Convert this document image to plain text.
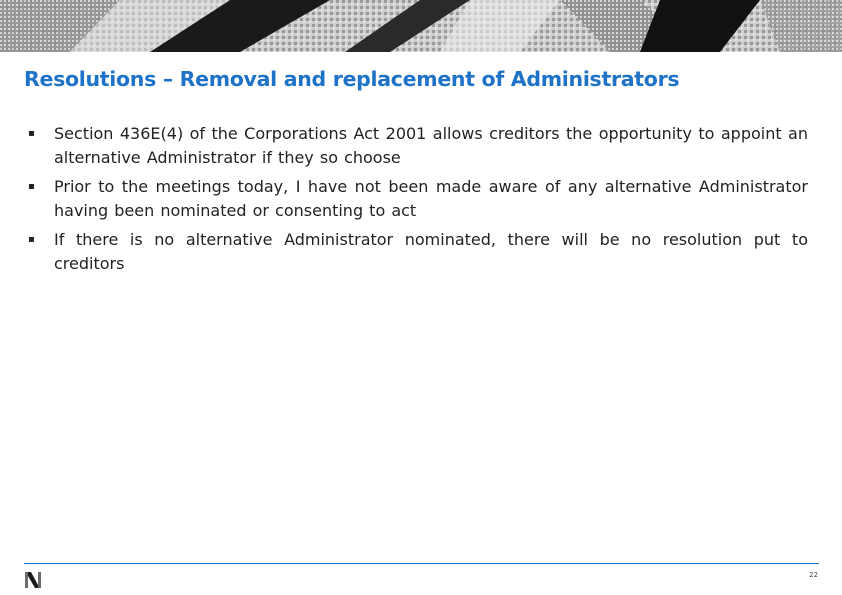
Resolutions – Removal and replacement of Administrators
▪ Section 436E(4) of the Corporations Act 2001 allows creditors the opportunity to appoint an alternative Administrator if they so choose
▪ Prior to the meetings today, I have not been made aware of any alternative Administrator having been nominated or consenting to act
▪ If there is no alternative Administrator nominated, there will be no resolution put to creditors
22
